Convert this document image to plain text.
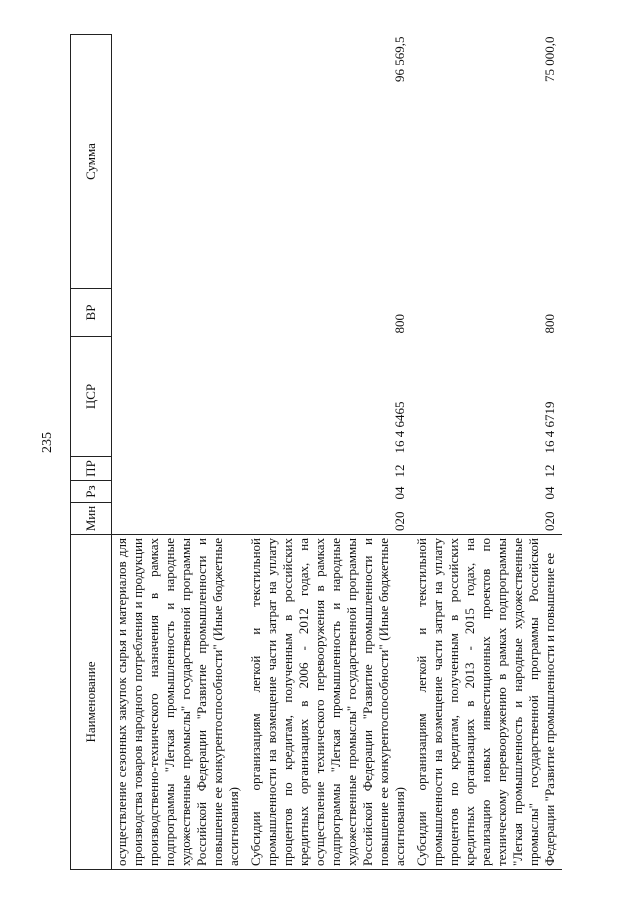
235
Наименование	Мин	Рз	ПР	ЦСР	ВР	Сумма
осуществление сезонных закупок сырья и материалов для производства товаров народного потребления и продукции производственно-технического назначения в рамках подпрограммы "Легкая промышленность и народные художественные промыслы" государственной программы Российской Федерации "Развитие промышленности и повышение ее конкурентоспособности" (Иные бюджетные ассигнования)						
Субсидии организациям легкой и текстильной промышленности на возмещение части затрат на уплату процентов по кредитам, полученным в российских кредитных организациях в 2006 - 2012 годах, на осуществление технического перевооружения в рамках подпрограммы "Легкая промышленность и народные художественные промыслы" государственной программы Российской Федерации "Развитие промышленности и повышение ее конкурентоспособности" (Иные бюджетные ассигнования)	020	04	12	16 4 6465	800	96 569,5
Субсидии организациям легкой и текстильной промышленности на возмещение части затрат на уплату процентов по кредитам, полученным в российских кредитных организациях в 2013 - 2015 годах, на реализацию новых инвестиционных проектов по техническому перевооружению в рамках подпрограммы "Легкая промышленность и народные художественные промыслы" государственной программы Российской Федерации "Развитие промышленности и повышение ее	020	04	12	16 4 6719	800	75 000,0
